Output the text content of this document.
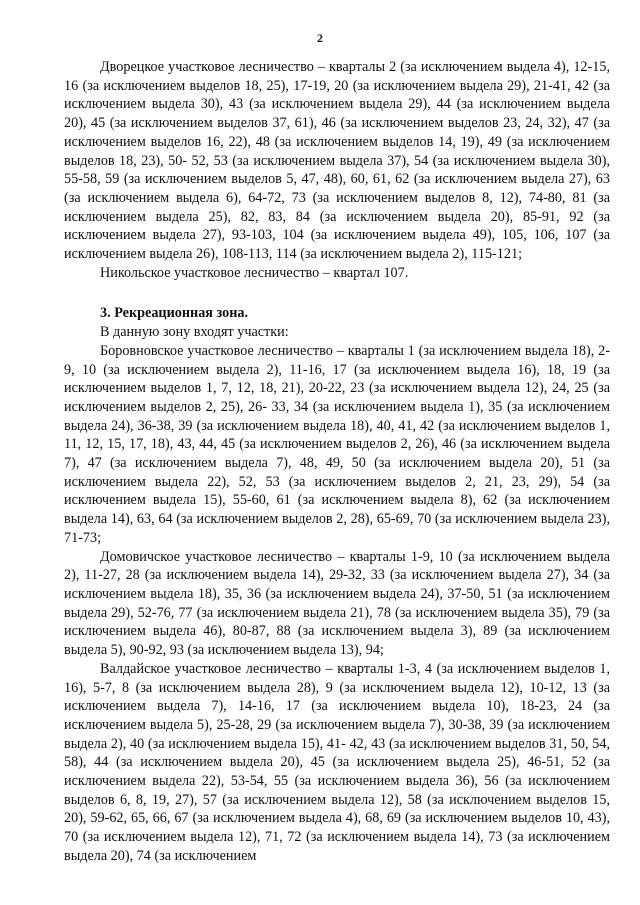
2

Дворецкое участковое лесничество – кварталы 2 (за исключением выдела 4), 12-15, 16 (за исключением выделов 18, 25), 17-19, 20 (за исключением выдела 29), 21-41, 42 (за исключением выдела 30), 43 (за исключением выдела 29), 44 (за исключением выдела 20), 45 (за исключением выделов 37, 61), 46 (за исключением выделов 23, 24, 32), 47 (за исключением выделов 16, 22), 48 (за исключением выделов 14, 19), 49 (за исключением выделов 18, 23), 50- 52, 53 (за исключением выдела 37), 54 (за исключением выдела 30), 55-58, 59 (за исключением выделов 5, 47, 48), 60, 61, 62 (за исключением выдела 27), 63 (за исключением выдела 6), 64-72, 73 (за исключением выделов 8, 12), 74-80, 81 (за исключением выдела 25), 82, 83, 84 (за исключением выдела 20), 85-91, 92 (за исключением выдела 27), 93-103, 104 (за исключением выдела 49), 105, 106, 107 (за исключением выдела 26), 108-113, 114 (за исключением выдела 2), 115-121;

Никольское участковое лесничество – квартал 107.

3. Рекреационная зона.

В данную зону входят участки:

Боровновское участковое лесничество – кварталы 1 (за исключением выдела 18), 2-9, 10 (за исключением выдела 2), 11-16, 17 (за исключением выдела 16), 18, 19 (за исключением выделов 1, 7, 12, 18, 21), 20-22, 23 (за исключением выдела 12), 24, 25 (за исключением выделов 2, 25), 26- 33, 34 (за исключением выдела 1), 35 (за исключением выдела 24), 36-38, 39 (за исключением выдела 18), 40, 41, 42 (за исключением выделов 1, 11, 12, 15, 17, 18), 43, 44, 45 (за исключением выделов 2, 26), 46 (за исключением выдела 7), 47 (за исключением выдела 7), 48, 49, 50 (за исключением выдела 20), 51 (за исключением выдела 22), 52, 53 (за исключением выделов 2, 21, 23, 29), 54 (за исключением выдела 15), 55-60, 61 (за исключением выдела 8), 62 (за исключением выдела 14), 63, 64 (за исключением выделов 2, 28), 65-69, 70 (за исключением выдела 23), 71-73;

Домовичское участковое лесничество – кварталы 1-9, 10 (за исключением выдела 2), 11-27, 28 (за исключением выдела 14), 29-32, 33 (за исключением выдела 27), 34 (за исключением выдела 18), 35, 36 (за исключением выдела 24), 37-50, 51 (за исключением выдела 29), 52-76, 77 (за исключением выдела 21), 78 (за исключением выдела 35), 79 (за исключением выдела 46), 80-87, 88 (за исключением выдела 3), 89 (за исключением выдела 5), 90-92, 93 (за исключением выдела 13), 94;

Валдайское участковое лесничество – кварталы 1-3, 4 (за исключением выделов 1, 16), 5-7, 8 (за исключением выдела 28), 9 (за исключением выдела 12), 10-12, 13 (за исключением выдела 7), 14-16, 17 (за исключением выдела 10), 18-23, 24 (за исключением выдела 5), 25-28, 29 (за исключением выдела 7), 30-38, 39 (за исключением выдела 2), 40 (за исключением выдела 15), 41- 42, 43 (за исключением выделов 31, 50, 54, 58), 44 (за исключением выдела 20), 45 (за исключением выдела 25), 46-51, 52 (за исключением выдела 22), 53-54, 55 (за исключением выдела 36), 56 (за исключением выделов 6, 8, 19, 27), 57 (за исключением выдела 12), 58 (за исключением выделов 15, 20), 59-62, 65, 66, 67 (за исключением выдела 4), 68, 69 (за исключением выделов 10, 43), 70 (за исключением выдела 12), 71, 72 (за исключением выдела 14), 73 (за исключением выдела 20), 74 (за исключением
